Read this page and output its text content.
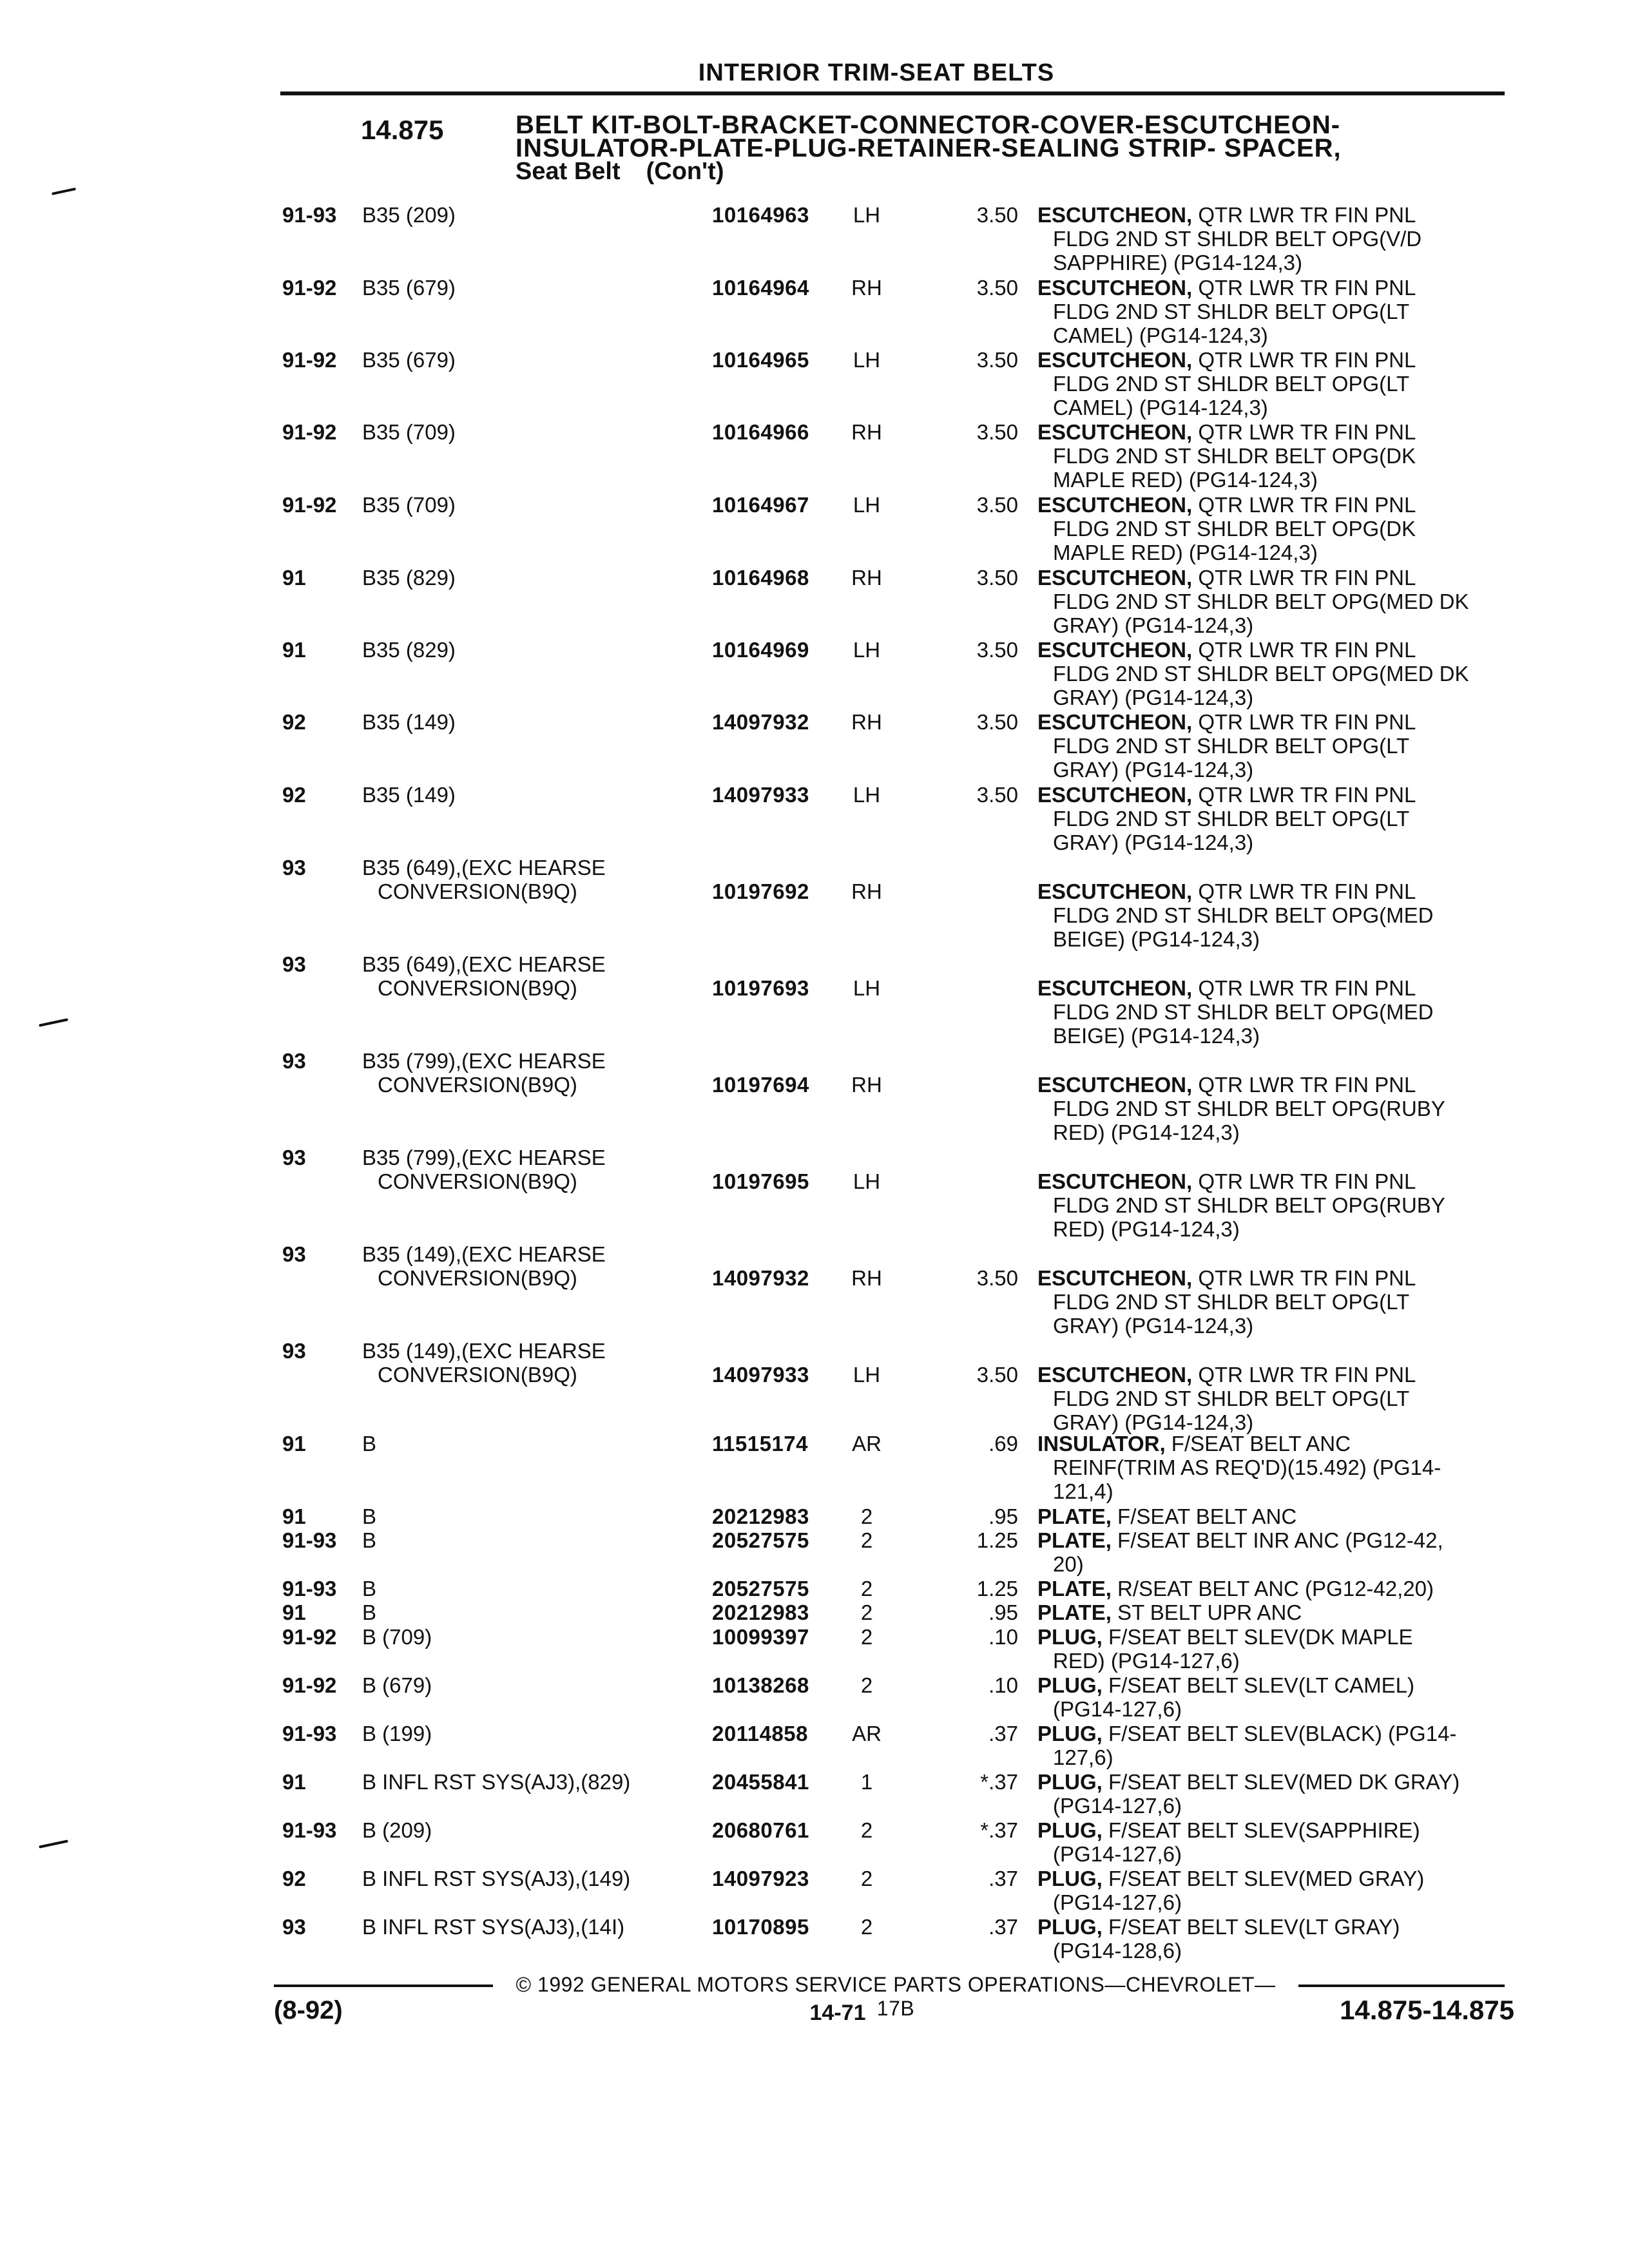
INTERIOR TRIM-SEAT BELTS
14.875	BELT KIT-BOLT-BRACKET-CONNECTOR-COVER-ESCUTCHEON-
INSULATOR-PLATE-PLUG-RETAINER-SEALING STRIP- SPACER,
Seat Belt (Con't)
91-93 B35 (209)	10164963	LH	3.50 ESCUTCHEON, QTR LWR TR FIN PNL
FLDG 2ND ST SHLDR BELT OPG(V/D
SAPPHIRE) (PG14-124,3)
91-92 B35 (679)	10164964	RH	3.50 ESCUTCHEON, QTR LWR TR FIN PNL
FLDG 2ND ST SHLDR BELT OPG(LT
CAMEL) (PG14-124,3)
91-92 B35 (679)	10164965	LH	3.50 ESCUTCHEON, QTR LWR TR FIN PNL
FLDG 2ND ST SHLDR BELT OPG(LT
CAMEL) (PG14-124,3)
91-92 B35 (709)	10164966	RH	3.50 ESCUTCHEON, QTR LWR TR FIN PNL
FLDG 2ND ST SHLDR BELT OPG(DK
MAPLE RED) (PG14-124,3)
91-92 B35 (709)	10164967	LH	3.50 ESCUTCHEON, QTR LWR TR FIN PNL
FLDG 2ND ST SHLDR BELT OPG(DK
MAPLE RED) (PG14-124,3)
91	B35 (829)	10164968	RH	3.50 ESCUTCHEON, QTR LWR TR FIN PNL
FLDG 2ND ST SHLDR BELT OPG(MED DK
GRAY) (PG14-124,3)
91	B35 (829)	10164969	LH	3.50 ESCUTCHEON, QTR LWR TR FIN PNL
FLDG 2ND ST SHLDR BELT OPG(MED DK
GRAY) (PG14-124,3)
92	B35 (149)	14097932	RH	3.50 ESCUTCHEON, QTR LWR TR FIN PNL
FLDG 2ND ST SHLDR BELT OPG(LT
GRAY) (PG14-124,3)
92	B35 (149)	14097933	LH	3.50 ESCUTCHEON, QTR LWR TR FIN PNL
FLDG 2ND ST SHLDR BELT OPG(LT
GRAY) (PG14-124,3)
93	B35 (649),(EXC HEARSE
CONVERSION(B9Q)	10197692	RH	ESCUTCHEON, QTR LWR TR FIN PNL
FLDG 2ND ST SHLDR BELT OPG(MED
BEIGE) (PG14-124,3)
93	B35 (649),(EXC HEARSE
CONVERSION(B9Q)	10197693	LH	ESCUTCHEON, QTR LWR TR FIN PNL
FLDG 2ND ST SHLDR BELT OPG(MED
BEIGE) (PG14-124,3)
93	B35 (799),(EXC HEARSE
CONVERSION(B9Q)	10197694	RH	ESCUTCHEON, QTR LWR TR FIN PNL
FLDG 2ND ST SHLDR BELT OPG(RUBY
RED) (PG14-124,3)
93	B35 (799),(EXC HEARSE
CONVERSION(B9Q)	10197695	LH	ESCUTCHEON, QTR LWR TR FIN PNL
FLDG 2ND ST SHLDR BELT OPG(RUBY
RED) (PG14-124,3)
93	B35 (149),(EXC HEARSE
CONVERSION(B9Q)	14097932	RH	3.50 ESCUTCHEON, QTR LWR TR FIN PNL
FLDG 2ND ST SHLDR BELT OPG(LT
GRAY) (PG14-124,3)
93	B35 (149),(EXC HEARSE
CONVERSION(B9Q)	14097933	LH	3.50 ESCUTCHEON, QTR LWR TR FIN PNL
FLDG 2ND ST SHLDR BELT OPG(LT
GRAY) (PG14-124,3)
91	B	11515174	AR	.69 INSULATOR, F/SEAT BELT ANC
REINF(TRIM AS REQ'D)(15.492) (PG14-
121,4)
91	B	20212983	2	.95 PLATE, F/SEAT BELT ANC
91-93 B	20527575	2	1.25 PLATE, F/SEAT BELT INR ANC (PG12-42,
20)
91-93 B	20527575	2	1.25 PLATE, R/SEAT BELT ANC (PG12-42,20)
91	B	20212983	2	.95 PLATE, ST BELT UPR ANC
91-92 B (709)	10099397	2	.10 PLUG, F/SEAT BELT SLEV(DK MAPLE
RED) (PG14-127,6)
91-92 B (679)	10138268	2	.10 PLUG, F/SEAT BELT SLEV(LT CAMEL)
(PG14-127,6)
91-93 B (199)	20114858	AR	.37 PLUG, F/SEAT BELT SLEV(BLACK) (PG14-
127,6)
91	B INFL RST SYS(AJ3),(829)	20455841	1	*.37 PLUG, F/SEAT BELT SLEV(MED DK GRAY)
(PG14-127,6)
91-93 B (209)	20680761	2	*.37 PLUG, F/SEAT BELT SLEV(SAPPHIRE)
(PG14-127,6)
92	B INFL RST SYS(AJ3),(149)	14097923	2	.37 PLUG, F/SEAT BELT SLEV(MED GRAY)
(PG14-127,6)
93	B INFL RST SYS(AJ3),(14I)	10170895	2	.37 PLUG, F/SEAT BELT SLEV(LT GRAY)
(PG14-128,6)
© 1992 GENERAL MOTORS SERVICE PARTS OPERATIONS—CHEVROLET—17B
(8-92)	14-71	14.875-14.875
